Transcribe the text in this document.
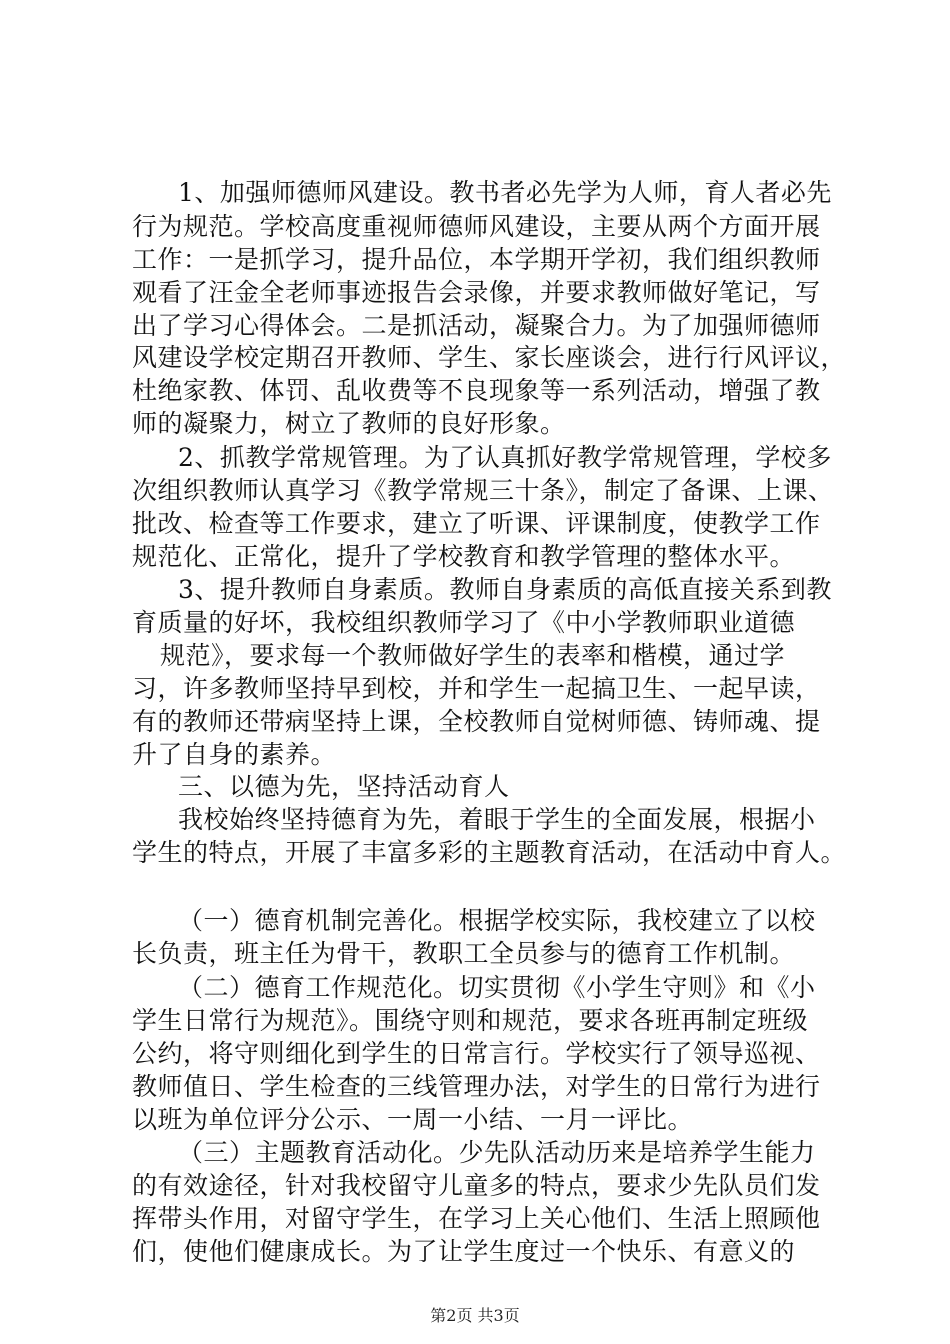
1、加强师德师风建设。教书者必先学为人师，育人者必先
行为规范。学校高度重视师德师风建设，主要从两个方面开展
工作：一是抓学习，提升品位，本学期开学初，我们组织教师
观看了汪金全老师事迹报告会录像，并要求教师做好笔记，写
出了学习心得体会。二是抓活动，凝聚合力。为了加强师德师
风建设学校定期召开教师、学生、家长座谈会，进行行风评议，
杜绝家教、体罚、乱收费等不良现象等一系列活动，增强了教
师的凝聚力，树立了教师的良好形象。
2、抓教学常规管理。为了认真抓好教学常规管理，学校多
次组织教师认真学习《教学常规三十条》，制定了备课、上课、
批改、检查等工作要求，建立了听课、评课制度，使教学工作
规范化、正常化，提升了学校教育和教学管理的整体水平。
3、提升教师自身素质。教师自身素质的高低直接关系到教
育质量的好坏，我校组织教师学习了《中小学教师职业道德
规范》，要求每一个教师做好学生的表率和楷模，通过学
习，许多教师坚持早到校，并和学生一起搞卫生、一起早读，
有的教师还带病坚持上课，全校教师自觉树师德、铸师魂、提
升了自身的素养。
三、以德为先，坚持活动育人
我校始终坚持德育为先，着眼于学生的全面发展，根据小
学生的特点，开展了丰富多彩的主题教育活动，在活动中育人。
（一）德育机制完善化。根据学校实际，我校建立了以校
长负责，班主任为骨干，教职工全员参与的德育工作机制。
（二）德育工作规范化。切实贯彻《小学生守则》和《小
学生日常行为规范》。围绕守则和规范，要求各班再制定班级
公约，将守则细化到学生的日常言行。学校实行了领导巡视、
教师值日、学生检查的三线管理办法，对学生的日常行为进行
以班为单位评分公示、一周一小结、一月一评比。
（三）主题教育活动化。少先队活动历来是培养学生能力
的有效途径，针对我校留守儿童多的特点，要求少先队员们发
挥带头作用，对留守学生，在学习上关心他们、生活上照顾他
们，使他们健康成长。为了让学生度过一个快乐、有意义的
第2页 共3页
